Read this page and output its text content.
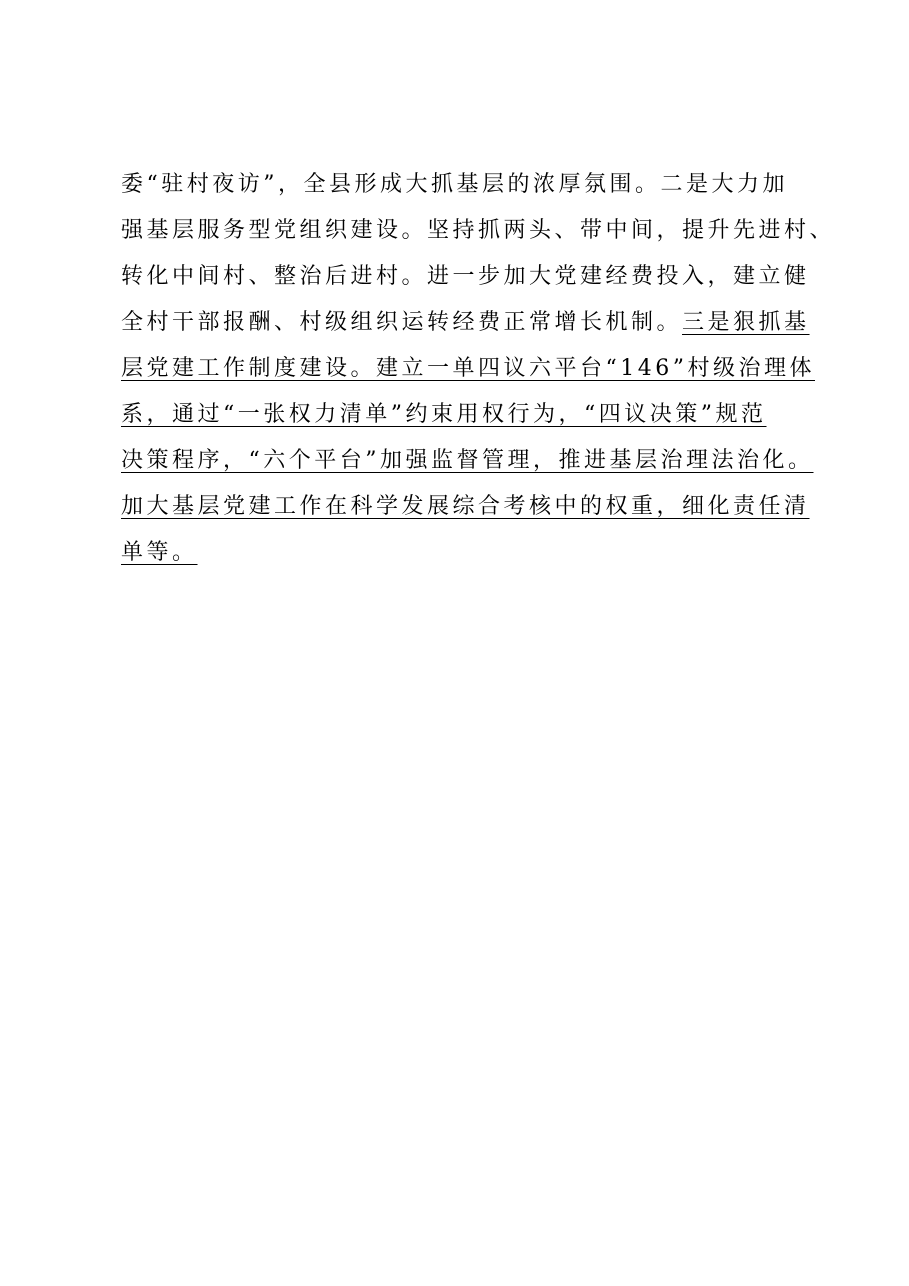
委“驻村夜访”，全县形成大抓基层的浓厚氛围。二是大力加
强基层服务型党组织建设。坚持抓两头、带中间，提升先进村、
转化中间村、整治后进村。进一步加大党建经费投入，建立健
全村干部报酬、村级组织运转经费正常增长机制。三是狠抓基
层党建工作制度建设。建立一单四议六平台“146”村级治理体
系，通过“一张权力清单”约束用权行为，“四议决策”规范
决策程序，“六个平台”加强监督管理，推进基层治理法治化。
加大基层党建工作在科学发展综合考核中的权重，细化责任清
单等。
